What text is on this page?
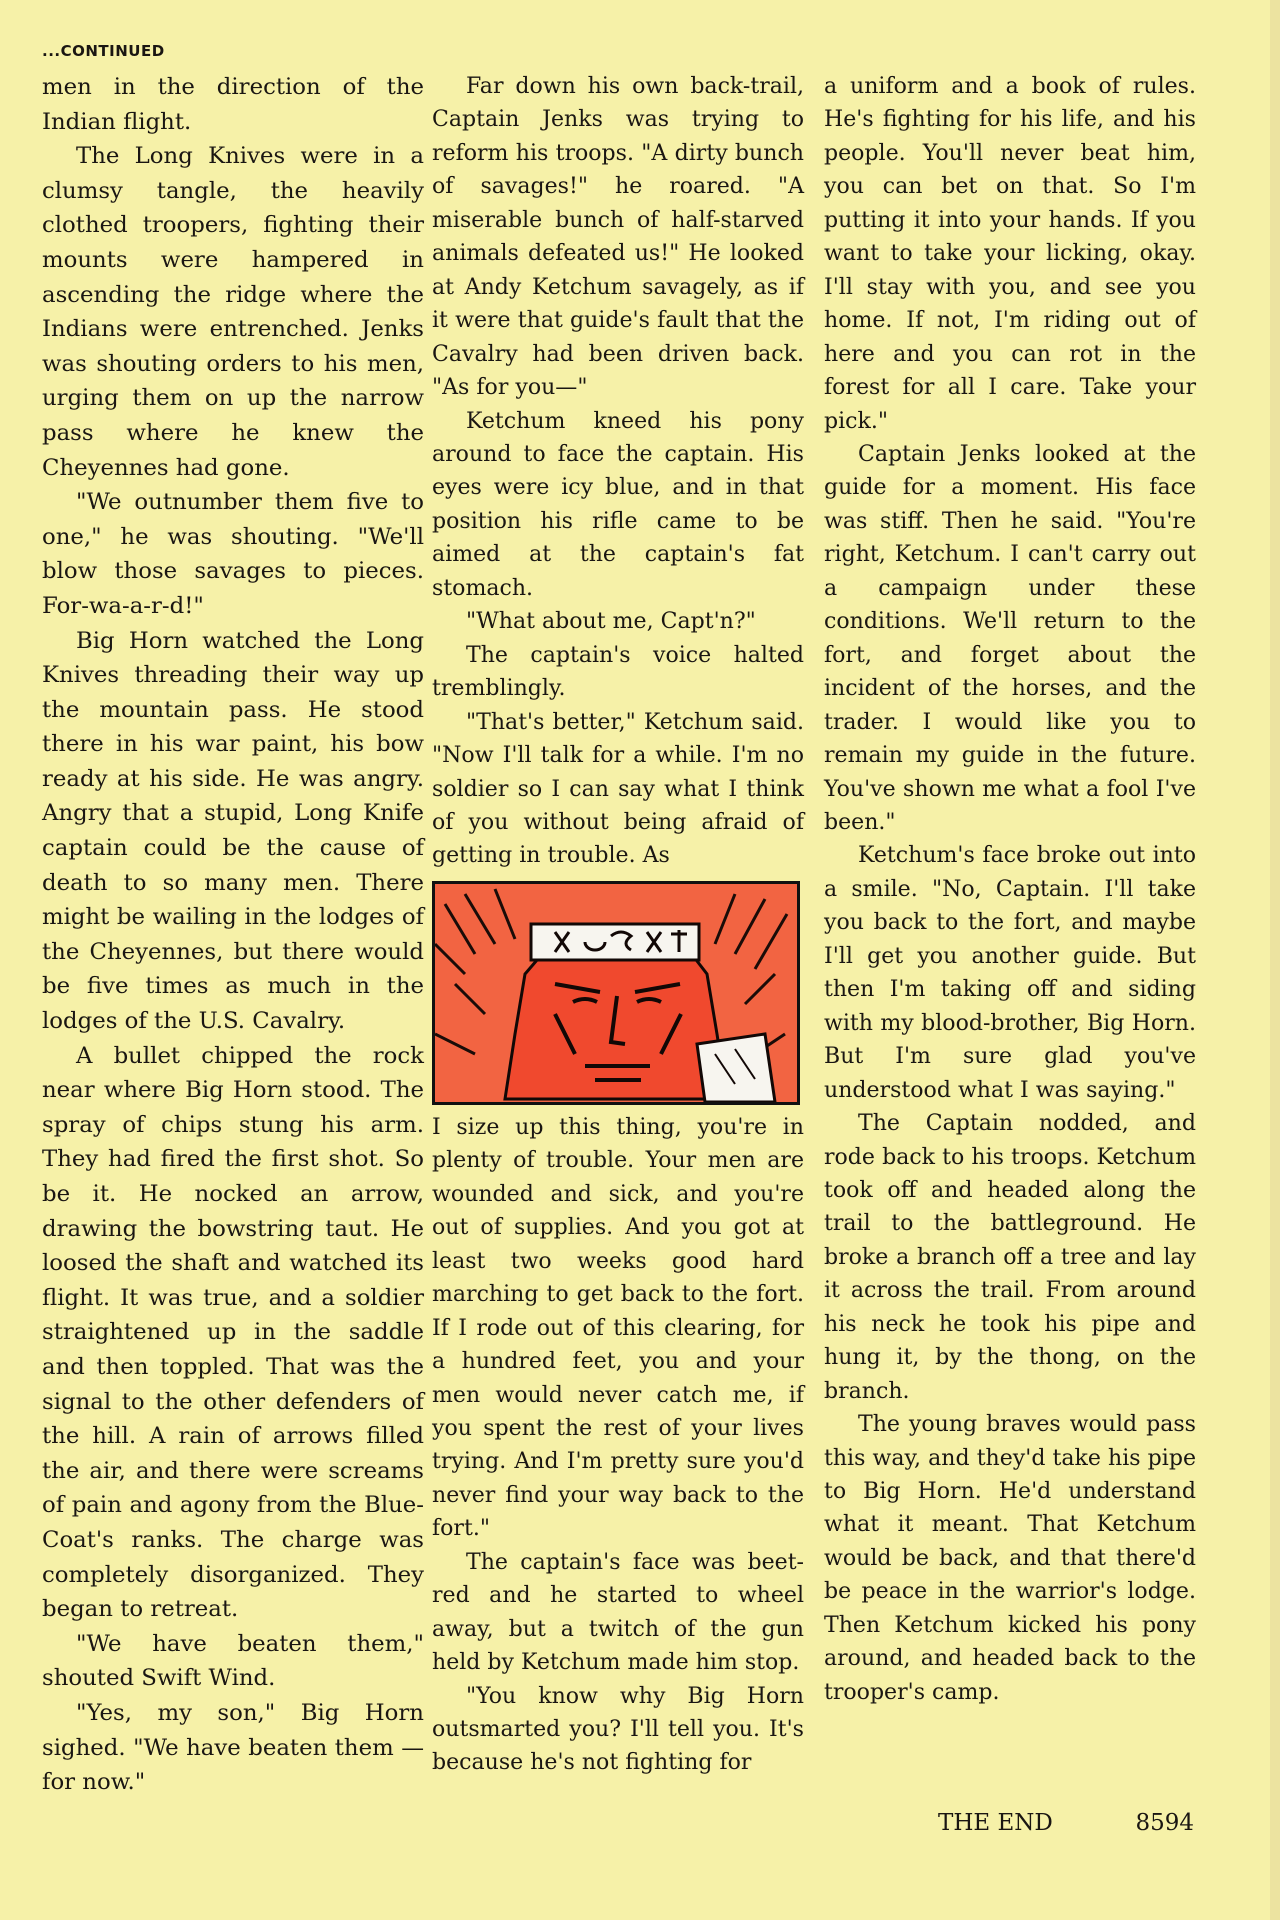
...CONTINUED

men in the direction of the Indian flight.

The Long Knives were in a clumsy tangle, the heavily clothed troopers, fighting their mounts were hampered in ascending the ridge where the Indians were entrenched. Jenks was shouting orders to his men, urging them on up the narrow pass where he knew the Cheyennes had gone.

"We outnumber them five to one," he was shouting. "We'll blow those savages to pieces. For-wa-a-r-d!"

Big Horn watched the Long Knives threading their way up the mountain pass. He stood there in his war paint, his bow ready at his side. He was angry. Angry that a stupid, Long Knife captain could be the cause of death to so many men. There might be wailing in the lodges of the Cheyennes, but there would be five times as much in the lodges of the U.S. Cavalry.

A bullet chipped the rock near where Big Horn stood. The spray of chips stung his arm. They had fired the first shot. So be it. He nocked an arrow, drawing the bowstring taut. He loosed the shaft and watched its flight. It was true, and a soldier straightened up in the saddle and then toppled. That was the signal to the other defenders of the hill. A rain of arrows filled the air, and there were screams of pain and agony from the Blue-Coat's ranks. The charge was completely disorganized. They began to retreat.

"We have beaten them," shouted Swift Wind.

"Yes, my son," Big Horn sighed. "We have beaten them — for now."

Far down his own back-trail, Captain Jenks was trying to reform his troops. "A dirty bunch of savages!" he roared. "A miserable bunch of half-starved animals defeated us!" He looked at Andy Ketchum savagely, as if it were that guide's fault that the Cavalry had been driven back. "As for you—"

Ketchum kneed his pony around to face the captain. His eyes were icy blue, and in that position his rifle came to be aimed at the captain's fat stomach.

"What about me, Capt'n?"

The captain's voice halted tremblingly.

"That's better," Ketchum said. "Now I'll talk for a while. I'm no soldier so I can say what I think of you without being afraid of getting in trouble. As

I size up this thing, you're in plenty of trouble. Your men are wounded and sick, and you're out of supplies. And you got at least two weeks good hard marching to get back to the fort. If I rode out of this clearing, for a hundred feet, you and your men would never catch me, if you spent the rest of your lives trying. And I'm pretty sure you'd never find your way back to the fort."

The captain's face was beet-red and he started to wheel away, but a twitch of the gun held by Ketchum made him stop.

"You know why Big Horn outsmarted you? I'll tell you. It's because he's not fighting for

a uniform and a book of rules. He's fighting for his life, and his people. You'll never beat him, you can bet on that. So I'm putting it into your hands. If you want to take your licking, okay. I'll stay with you, and see you home. If not, I'm riding out of here and you can rot in the forest for all I care. Take your pick."

Captain Jenks looked at the guide for a moment. His face was stiff. Then he said. "You're right, Ketchum. I can't carry out a campaign under these conditions. We'll return to the fort, and forget about the incident of the horses, and the trader. I would like you to remain my guide in the future. You've shown me what a fool I've been."

Ketchum's face broke out into a smile. "No, Captain. I'll take you back to the fort, and maybe I'll get you another guide. But then I'm taking off and siding with my blood-brother, Big Horn. But I'm sure glad you've understood what I was saying."

The Captain nodded, and rode back to his troops. Ketchum took off and headed along the trail to the battleground. He broke a branch off a tree and lay it across the trail. From around his neck he took his pipe and hung it, by the thong, on the branch.

The young braves would pass this way, and they'd take his pipe to Big Horn. He'd understand what it meant. That Ketchum would be back, and that there'd be peace in the warrior's lodge. Then Ketchum kicked his pony around, and headed back to the trooper's camp.

THE END	8594
